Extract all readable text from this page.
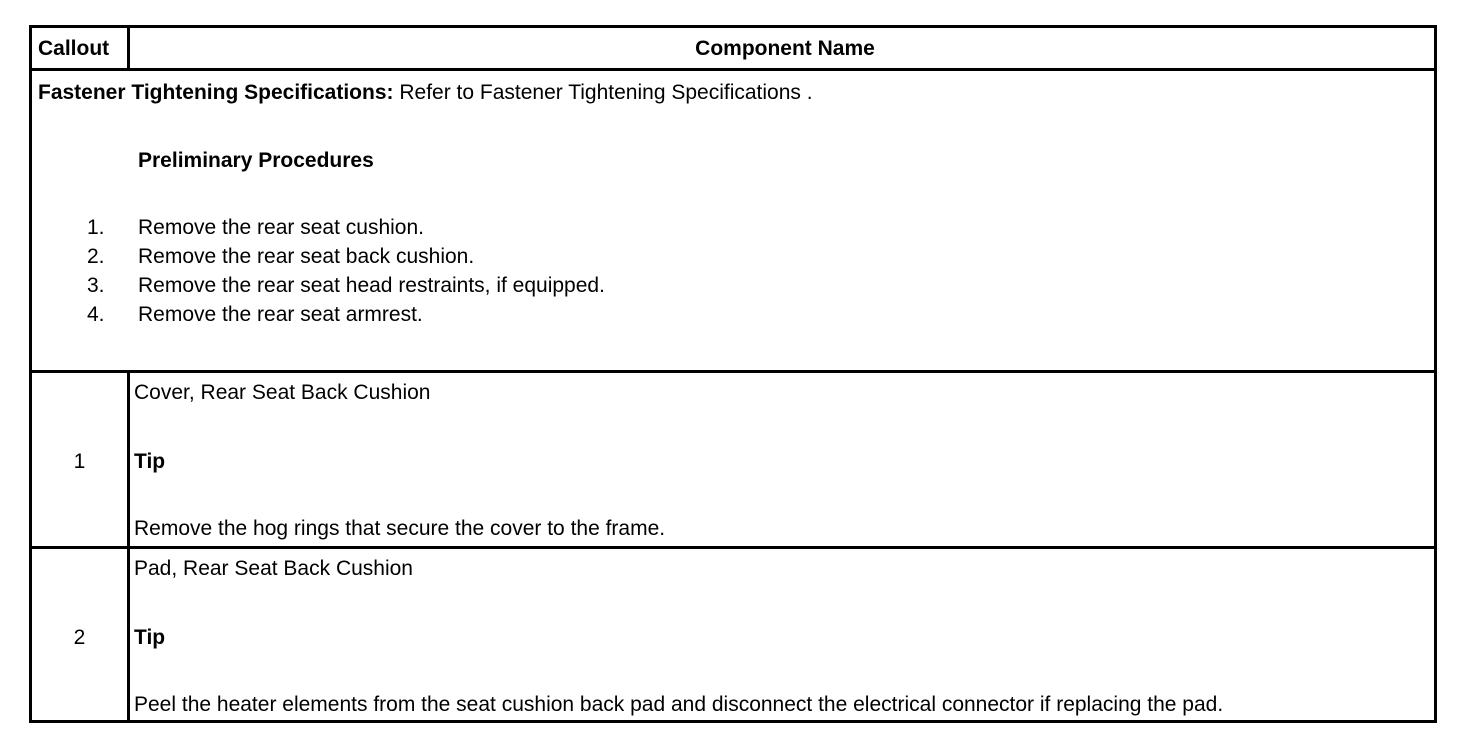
Callout	Component Name
Fastener Tightening Specifications: Refer to Fastener Tightening Specifications .
Preliminary Procedures
1. Remove the rear seat cushion.
2. Remove the rear seat back cushion.
3. Remove the rear seat head restraints, if equipped.
4. Remove the rear seat armrest.
1
Cover, Rear Seat Back Cushion
Tip
Remove the hog rings that secure the cover to the frame.
2
Pad, Rear Seat Back Cushion
Tip
Peel the heater elements from the seat cushion back pad and disconnect the electrical connector if replacing the pad.
